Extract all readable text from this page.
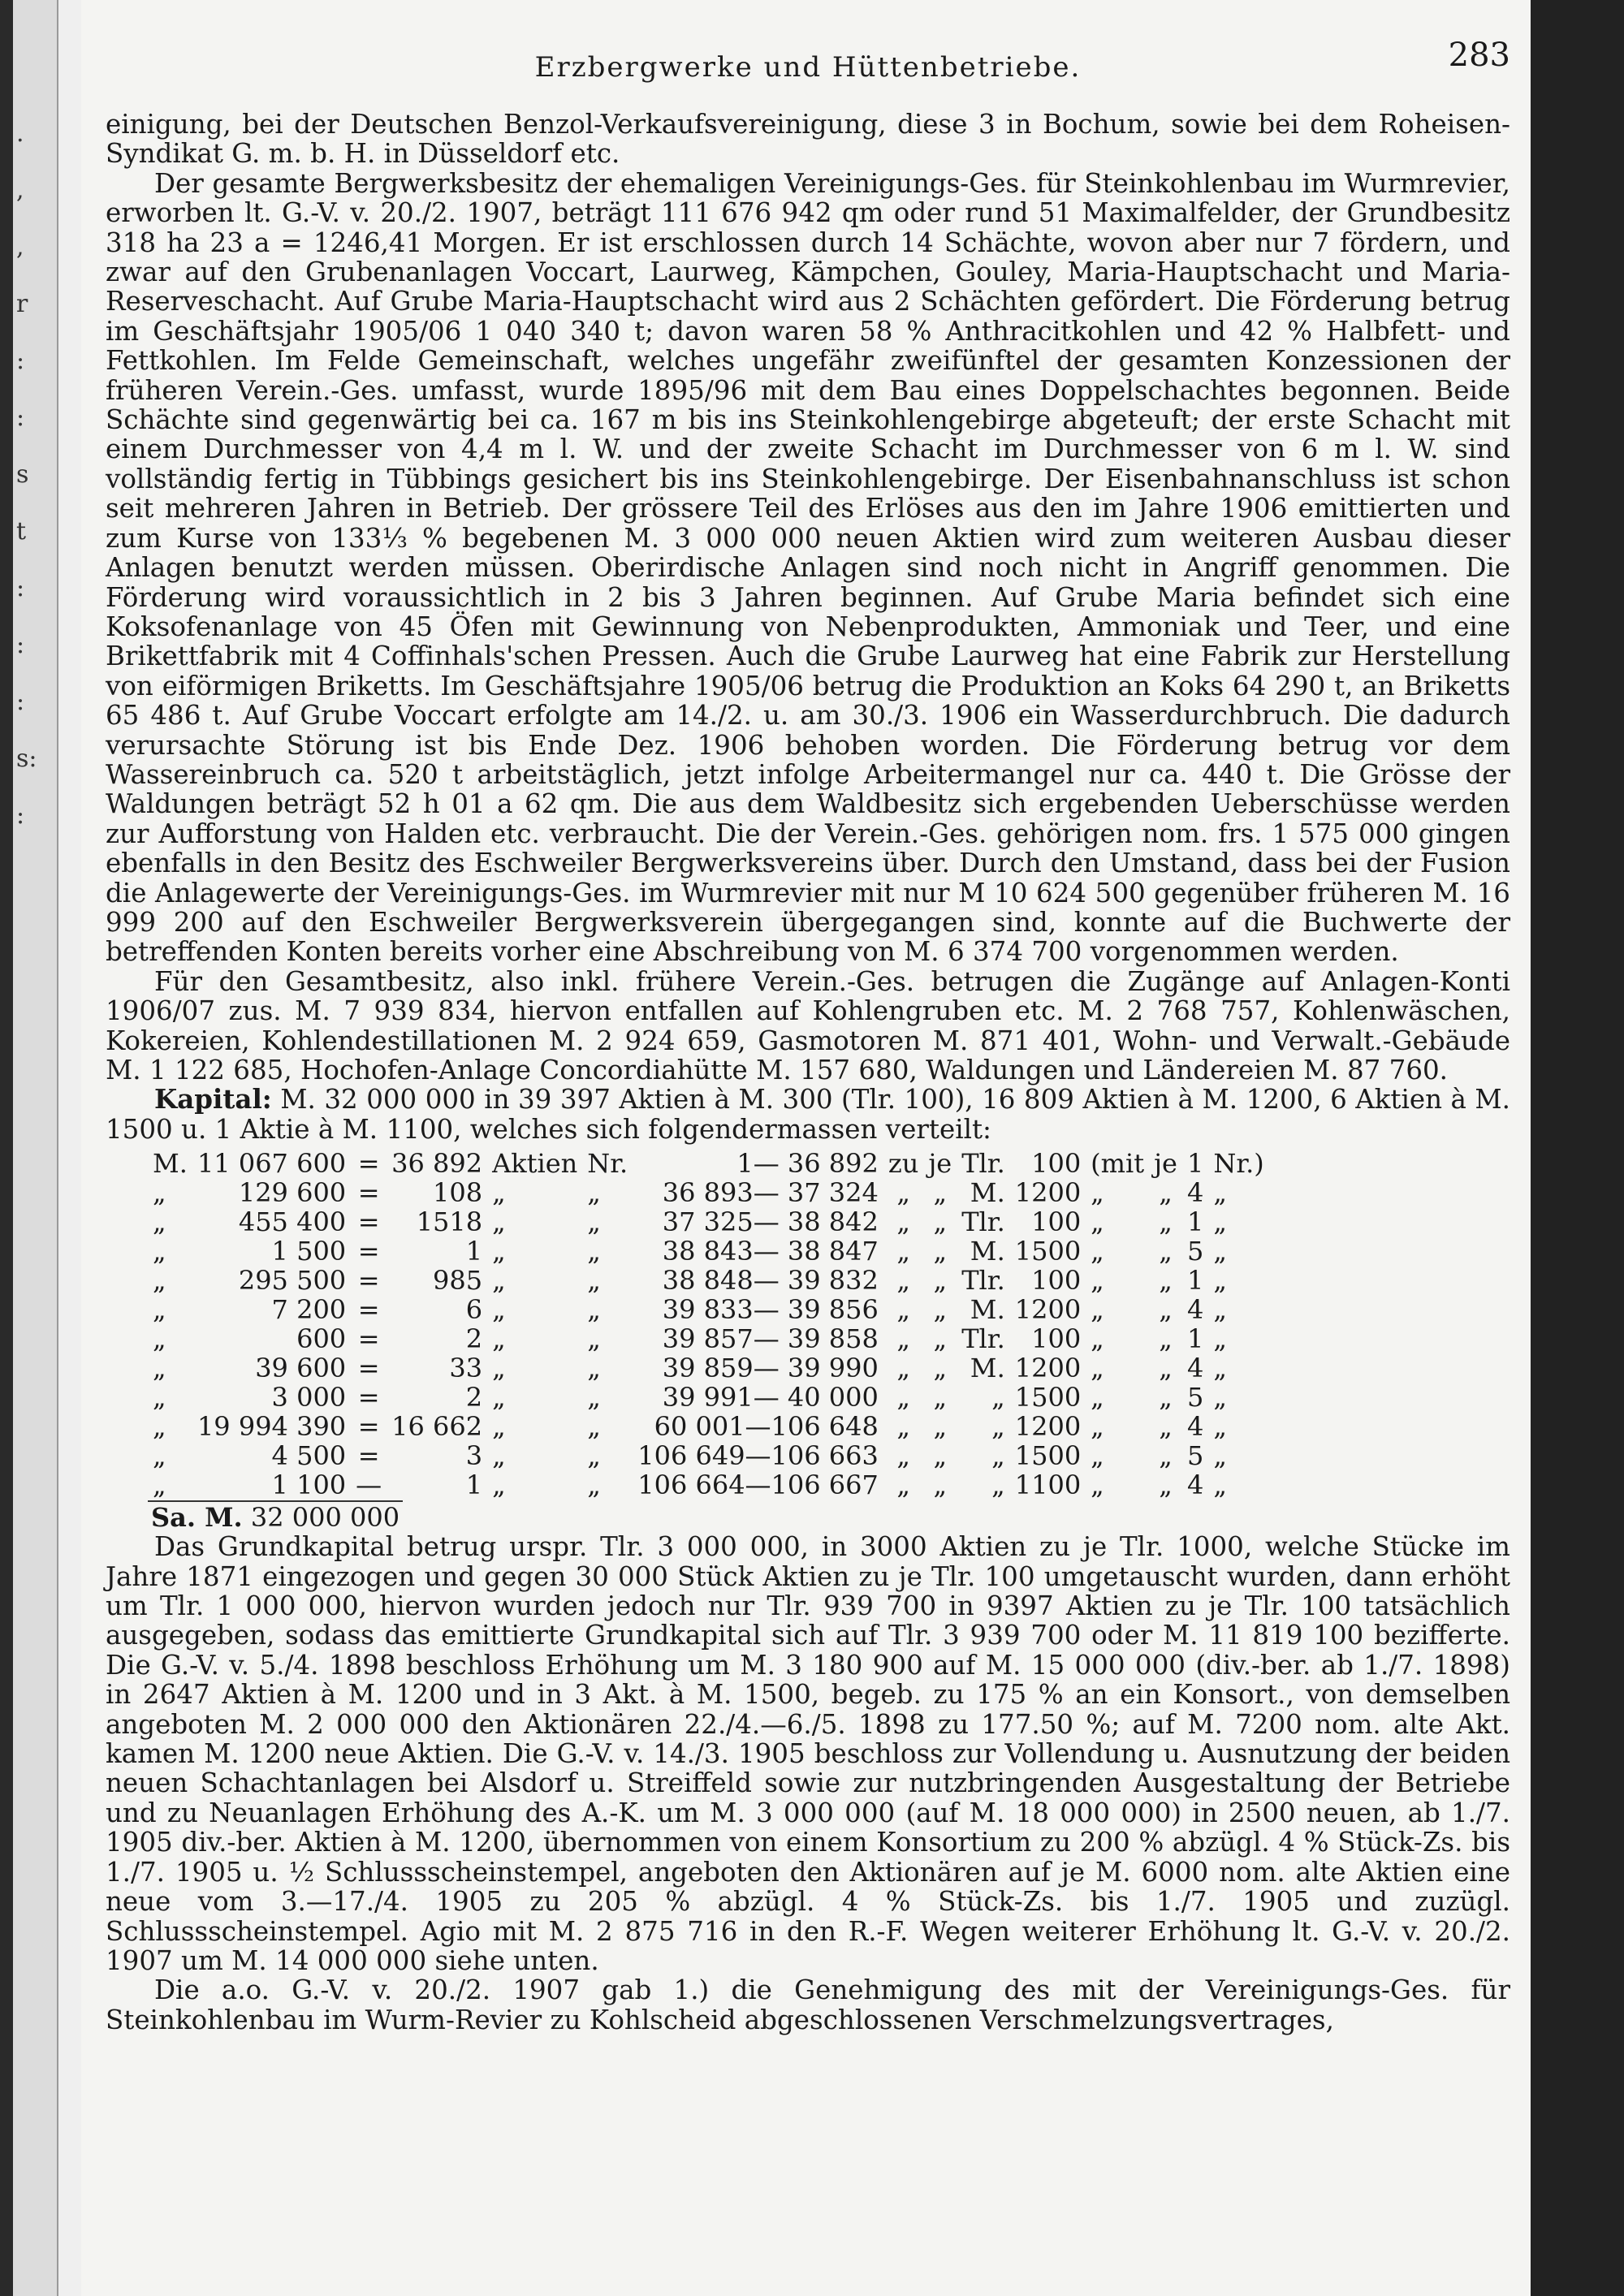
.
,
,
r
:
:
s
t
:
:
:
s:
:
Erzbergwerke und Hüttenbetriebe.	283

einigung, bei der Deutschen Benzol-Verkaufsvereinigung, diese 3 in Bochum, sowie bei dem Roheisen-Syndikat G. m. b. H. in Düsseldorf etc.

Der gesamte Bergwerksbesitz der ehemaligen Vereinigungs-Ges. für Steinkohlenbau im Wurmrevier, erworben lt. G.-V. v. 20./2. 1907, beträgt 111 676 942 qm oder rund 51 Maximalfelder, der Grundbesitz 318 ha 23 a = 1246,41 Morgen. Er ist erschlossen durch 14 Schächte, wovon aber nur 7 fördern, und zwar auf den Grubenanlagen Voccart, Laurweg, Kämpchen, Gouley, Maria-Hauptschacht und Maria-Reserveschacht. Auf Grube Maria-Hauptschacht wird aus 2 Schächten gefördert. Die Förderung betrug im Geschäftsjahr 1905/06 1 040 340 t; davon waren 58 % Anthracitkohlen und 42 % Halbfett- und Fettkohlen. Im Felde Gemeinschaft, welches ungefähr zweifünftel der gesamten Konzessionen der früheren Verein.-Ges. umfasst, wurde 1895/96 mit dem Bau eines Doppelschachtes begonnen. Beide Schächte sind gegenwärtig bei ca. 167 m bis ins Steinkohlengebirge abgeteuft; der erste Schacht mit einem Durchmesser von 4,4 m l. W. und der zweite Schacht im Durchmesser von 6 m l. W. sind vollständig fertig in Tübbings gesichert bis ins Steinkohlengebirge. Der Eisenbahnanschluss ist schon seit mehreren Jahren in Betrieb. Der grössere Teil des Erlöses aus den im Jahre 1906 emittierten und zum Kurse von 133⅓ % begebenen M. 3 000 000 neuen Aktien wird zum weiteren Ausbau dieser Anlagen benutzt werden müssen. Oberirdische Anlagen sind noch nicht in Angriff genommen. Die Förderung wird voraussichtlich in 2 bis 3 Jahren beginnen. Auf Grube Maria befindet sich eine Koksofenanlage von 45 Öfen mit Gewinnung von Nebenprodukten, Ammoniak und Teer, und eine Brikettfabrik mit 4 Coffinhals'schen Pressen. Auch die Grube Laurweg hat eine Fabrik zur Herstellung von eiförmigen Briketts. Im Geschäftsjahre 1905/06 betrug die Produktion an Koks 64 290 t, an Briketts 65 486 t. Auf Grube Voccart erfolgte am 14./2. u. am 30./3. 1906 ein Wasserdurchbruch. Die dadurch verursachte Störung ist bis Ende Dez. 1906 behoben worden. Die Förderung betrug vor dem Wassereinbruch ca. 520 t arbeitstäglich, jetzt infolge Arbeitermangel nur ca. 440 t. Die Grösse der Waldungen beträgt 52 h 01 a 62 qm. Die aus dem Waldbesitz sich ergebenden Ueberschüsse werden zur Aufforstung von Halden etc. verbraucht. Die der Verein.-Ges. gehörigen nom. frs. 1 575 000 gingen ebenfalls in den Besitz des Eschweiler Bergwerksvereins über. Durch den Umstand, dass bei der Fusion die Anlagewerte der Vereinigungs-Ges. im Wurmrevier mit nur M 10 624 500 gegenüber früheren M. 16 999 200 auf den Eschweiler Bergwerksverein übergegangen sind, konnte auf die Buchwerte der betreffenden Konten bereits vorher eine Abschreibung von M. 6 374 700 vorgenommen werden.

Für den Gesamtbesitz, also inkl. frühere Verein.-Ges. betrugen die Zugänge auf Anlagen-Konti 1906/07 zus. M. 7 939 834, hiervon entfallen auf Kohlengruben etc. M. 2 768 757, Kohlenwäschen, Kokereien, Kohlendestillationen M. 2 924 659, Gasmotoren M. 871 401, Wohn- und Verwalt.-Gebäude M. 1 122 685, Hochofen-Anlage Concordiahütte M. 157 680, Waldungen und Ländereien M. 87 760.

Kapital: M. 32 000 000 in 39 397 Aktien à M. 300 (Tlr. 100), 16 809 Aktien à M. 1200, 6 Aktien à M. 1500 u. 1 Aktie à M. 1100, welches sich folgendermassen verteilt:

M.	11 067 600	=	36 892	Aktien	Nr.	1— 36 892	zu	je	Tlr.	100	(mit	je	1	Nr.)
„	129 600	=	108	„	„	36 893— 37 324	„	„	M.	1200	„	„	4	„
„	455 400	=	1518	„	„	37 325— 38 842	„	„	Tlr.	100	„	„	1	„
„	1 500	=	1	„	„	38 843— 38 847	„	„	M.	1500	„	„	5	„
„	295 500	=	985	„	„	38 848— 39 832	„	„	Tlr.	100	„	„	1	„
„	7 200	=	6	„	„	39 833— 39 856	„	„	M.	1200	„	„	4	„
„	600	=	2	„	„	39 857— 39 858	„	„	Tlr.	100	„	„	1	„
„	39 600	=	33	„	„	39 859— 39 990	„	„	M.	1200	„	„	4	„
„	3 000	=	2	„	„	39 991— 40 000	„	„	„	1500	„	„	5	„
„	19 994 390	=	16 662	„	„	60 001—106 648	„	„	„	1200	„	„	4	„
„	4 500	=	3	„	„	106 649—106 663	„	„	„	1500	„	„	5	„
„	1 100	—	1	„	„	106 664—106 667	„	„	„	1100	„	„	4	„
Sa. M. 32 000 000

Das Grundkapital betrug urspr. Tlr. 3 000 000, in 3000 Aktien zu je Tlr. 1000, welche Stücke im Jahre 1871 eingezogen und gegen 30 000 Stück Aktien zu je Tlr. 100 umgetauscht wurden, dann erhöht um Tlr. 1 000 000, hiervon wurden jedoch nur Tlr. 939 700 in 9397 Aktien zu je Tlr. 100 tatsächlich ausgegeben, sodass das emittierte Grundkapital sich auf Tlr. 3 939 700 oder M. 11 819 100 bezifferte. Die G.-V. v. 5./4. 1898 beschloss Erhöhung um M. 3 180 900 auf M. 15 000 000 (div.-ber. ab 1./7. 1898) in 2647 Aktien à M. 1200 und in 3 Akt. à M. 1500, begeb. zu 175 % an ein Konsort., von demselben angeboten M. 2 000 000 den Aktionären 22./4.—6./5. 1898 zu 177.50 %; auf M. 7200 nom. alte Akt. kamen M. 1200 neue Aktien. Die G.-V. v. 14./3. 1905 beschloss zur Vollendung u. Ausnutzung der beiden neuen Schachtanlagen bei Alsdorf u. Streiffeld sowie zur nutzbringenden Ausgestaltung der Betriebe und zu Neuanlagen Erhöhung des A.-K. um M. 3 000 000 (auf M. 18 000 000) in 2500 neuen, ab 1./7. 1905 div.-ber. Aktien à M. 1200, übernommen von einem Konsortium zu 200 % abzügl. 4 % Stück-Zs. bis 1./7. 1905 u. ½ Schlussscheinstempel, angeboten den Aktionären auf je M. 6000 nom. alte Aktien eine neue vom 3.—17./4. 1905 zu 205 % abzügl. 4 % Stück-Zs. bis 1./7. 1905 und zuzügl. Schlussscheinstempel. Agio mit M. 2 875 716 in den R.-F. Wegen weiterer Erhöhung lt. G.-V. v. 20./2. 1907 um M. 14 000 000 siehe unten.

Die a.o. G.-V. v. 20./2. 1907 gab 1.) die Genehmigung des mit der Vereinigungs-Ges. für Steinkohlenbau im Wurm-Revier zu Kohlscheid abgeschlossenen Verschmelzungsvertrages,
